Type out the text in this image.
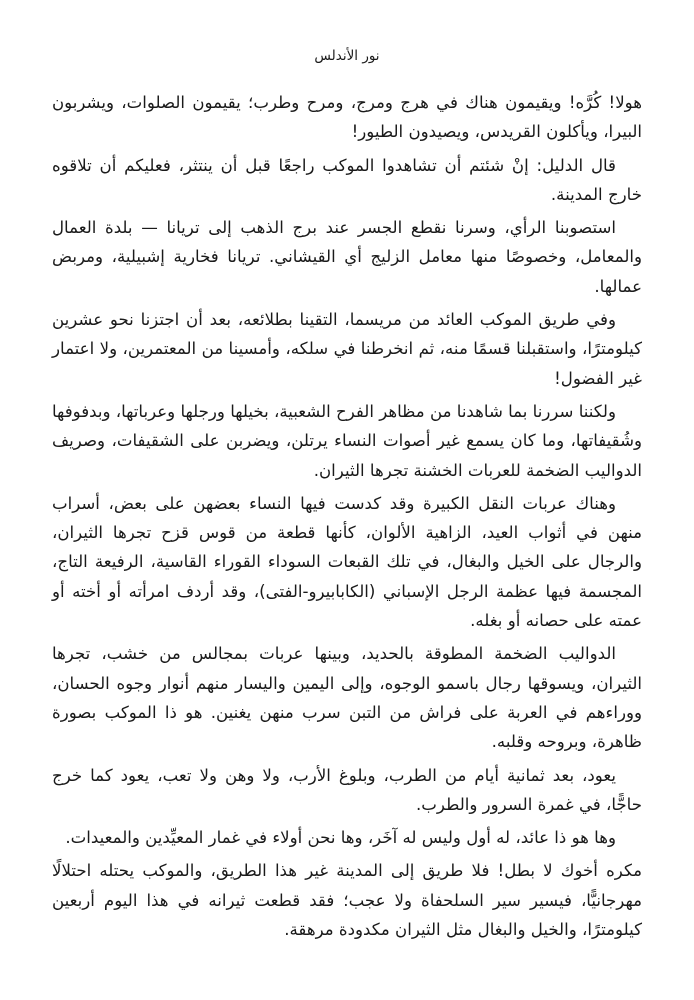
نور الأندلس

هولا! كُرَّه! ويقيمون هناك في هرج ومرج، ومرح وطرب؛ يقيمون الصلوات، ويشربون البيرا، ويأكلون القريدس، ويصيدون الطيور!

قال الدليل: إنْ شئتم أن تشاهدوا الموكب راجعًا قبل أن ينتثر، فعليكم أن تلاقوه خارج المدينة.

استصوبنا الرأي، وسرنا نقطع الجسر عند برج الذهب إلى تريانا — بلدة العمال والمعامل، وخصوصًا منها معامل الزليج أي القيشاني. تريانا فخارية إشبيلية، ومربض عمالها.

وفي طريق الموكب العائد من مريسما، التقينا بطلائعه، بعد أن اجتزنا نحو عشرين كيلومترًا، واستقبلنا قسمًا منه، ثم انخرطنا في سلكه، وأمسينا من المعتمرين، ولا اعتمار غير الفضول!

ولكننا سررنا بما شاهدنا من مظاهر الفرح الشعبية، بخيلها ورجلها وعرباتها، وبدفوفها وشُقيفاتها، وما كان يسمع غير أصوات النساء يرتلن، ويضربن على الشقيفات، وصريف الدواليب الضخمة للعربات الخشنة تجرها الثيران.

وهناك عربات النقل الكبيرة وقد كدست فيها النساء بعضهن على بعض، أسراب منهن في أثواب العيد، الزاهية الألوان، كأنها قطعة من قوس قزح تجرها الثيران، والرجال على الخيل والبغال، في تلك القبعات السوداء القوراء القاسية، الرفيعة التاج، المجسمة فيها عظمة الرجل الإسباني (الكابابيرو-الفتى)، وقد أردف امرأته أو أخته أو عمته على حصانه أو بغله.

الدواليب الضخمة المطوقة بالحديد، وبينها عربات بمجالس من خشب، تجرها الثيران، ويسوقها رجال باسمو الوجوه، وإلى اليمين واليسار منهم أنوار وجوه الحسان، ووراءهم في العربة على فراش من التبن سرب منهن يغنين. هو ذا الموكب بصورة ظاهرة، وبروحه وقلبه.

يعود، بعد ثمانية أيام من الطرب، وبلوغ الأرب، ولا وهن ولا تعب، يعود كما خرج حاجًّا، في غمرة السرور والطرب.

وها هو ذا عائد، له أول وليس له آخَر، وها نحن أولاء في غمار المعيِّدين والمعيدات.

مكره أخوك لا بطل! فلا طريق إلى المدينة غير هذا الطريق، والموكب يحتله احتلالًا مهرجانيًّا، فيسير سير السلحفاة ولا عجب؛ فقد قطعت ثيرانه في هذا اليوم أربعين كيلومترًا، والخيل والبغال مثل الثيران مكدودة مرهقة.
